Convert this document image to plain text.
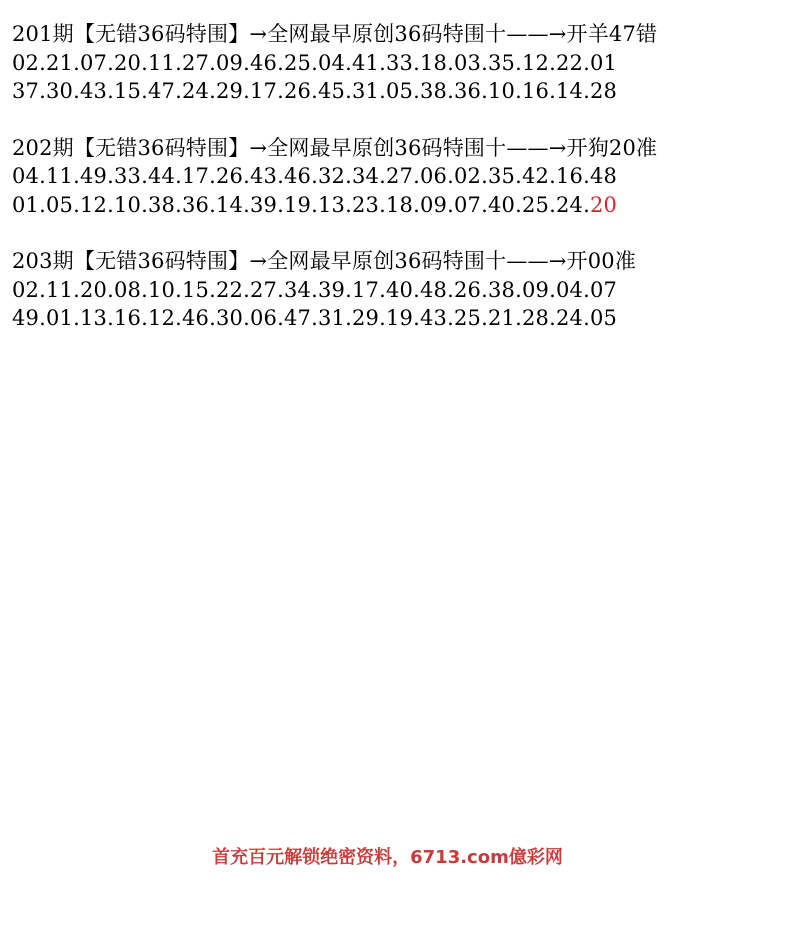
201期【无错36码特围】→全网最早原创36码特围十——→开羊47错
02.21.07.20.11.27.09.46.25.04.41.33.18.03.35.12.22.01
37.30.43.15.47.24.29.17.26.45.31.05.38.36.10.16.14.28
202期【无错36码特围】→全网最早原创36码特围十——→开狗20准
04.11.49.33.44.17.26.43.46.32.34.27.06.02.35.42.16.48
01.05.12.10.38.36.14.39.19.13.23.18.09.07.40.25.24.20
203期【无错36码特围】→全网最早原创36码特围十——→开00准
02.11.20.08.10.15.22.27.34.39.17.40.48.26.38.09.04.07
49.01.13.16.12.46.30.06.47.31.29.19.43.25.21.28.24.05
首充百元解锁绝密资料，6713.com億彩网
